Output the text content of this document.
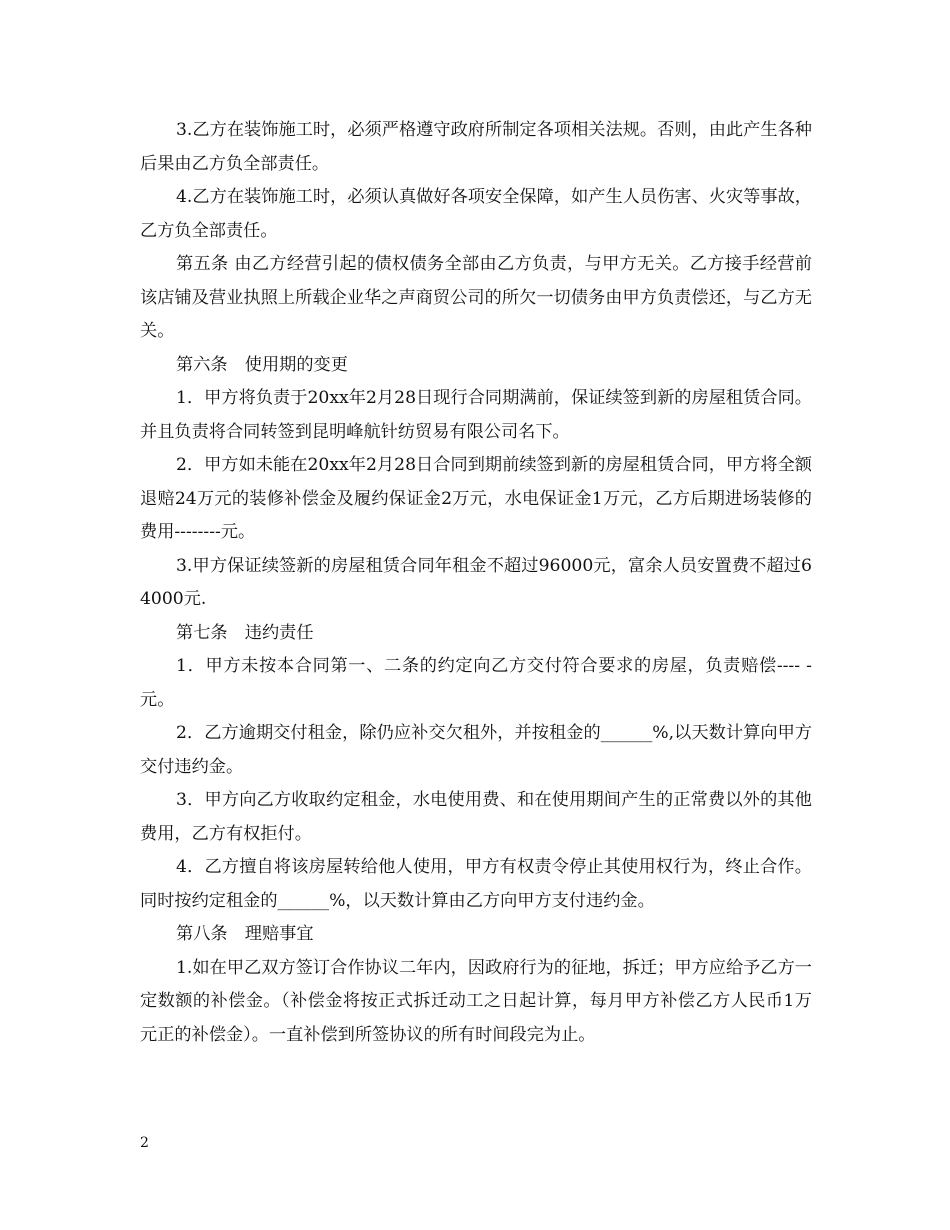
3.乙方在装饰施工时，必须严格遵守政府所制定各项相关法规。否则，由此产生各种后果由乙方负全部责任。

4.乙方在装饰施工时，必须认真做好各项安全保障，如产生人员伤害、火灾等事故，乙方负全部责任。

第五条 由乙方经营引起的债权债务全部由乙方负责，与甲方无关。乙方接手经营前该店铺及营业执照上所载企业华之声商贸公司的所欠一切债务由甲方负责偿还，与乙方无关。

第六条　使用期的变更

1．甲方将负责于20xx年2月28日现行合同期满前，保证续签到新的房屋租赁合同。并且负责将合同转签到昆明峰航针纺贸易有限公司名下。

2．甲方如未能在20xx年2月28日合同到期前续签到新的房屋租赁合同，甲方将全额退赔24万元的装修补偿金及履约保证金2万元，水电保证金1万元，乙方后期进场装修的费用--------元。

3.甲方保证续签新的房屋租赁合同年租金不超过96000元，富余人员安置费不超过64000元.

第七条　违约责任

1．甲方未按本合同第一、二条的约定向乙方交付符合要求的房屋，负责赔偿---- -元。

2．乙方逾期交付租金，除仍应补交欠租外，并按租金的______%,以天数计算向甲方交付违约金。

3．甲方向乙方收取约定租金，水电使用费、和在使用期间产生的正常费以外的其他费用，乙方有权拒付。

4．乙方擅自将该房屋转给他人使用，甲方有权责令停止其使用权行为，终止合作。同时按约定租金的______%，以天数计算由乙方向甲方支付违约金。

第八条　理赔事宜

1.如在甲乙双方签订合作协议二年内，因政府行为的征地，拆迁；甲方应给予乙方一定数额的补偿金。（补偿金将按正式拆迁动工之日起计算，每月甲方补偿乙方人民币1万元正的补偿金）。一直补偿到所签协议的所有时间段完为止。

2
